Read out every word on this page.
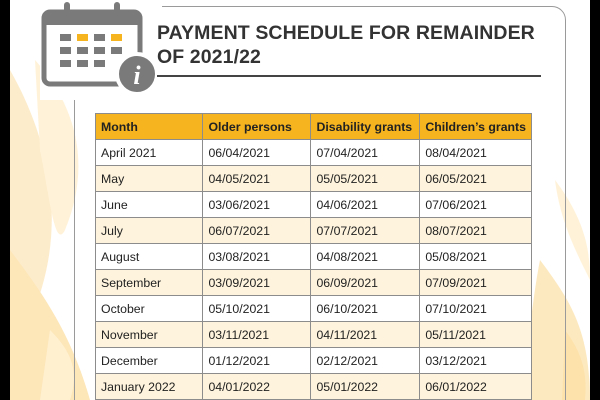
i
PAYMENT SCHEDULE FOR REMAINDER OF 2021/22
Month	Older persons	Disability grants	Children’s grants
April 2021	06/04/2021	07/04/2021	08/04/2021
May	04/05/2021	05/05/2021	06/05/2021
June	03/06/2021	04/06/2021	07/06/2021
July	06/07/2021	07/07/2021	08/07/2021
August	03/08/2021	04/08/2021	05/08/2021
September	03/09/2021	06/09/2021	07/09/2021
October	05/10/2021	06/10/2021	07/10/2021
November	03/11/2021	04/11/2021	05/11/2021
December	01/12/2021	02/12/2021	03/12/2021
January 2022	04/01/2022	05/01/2022	06/01/2022
